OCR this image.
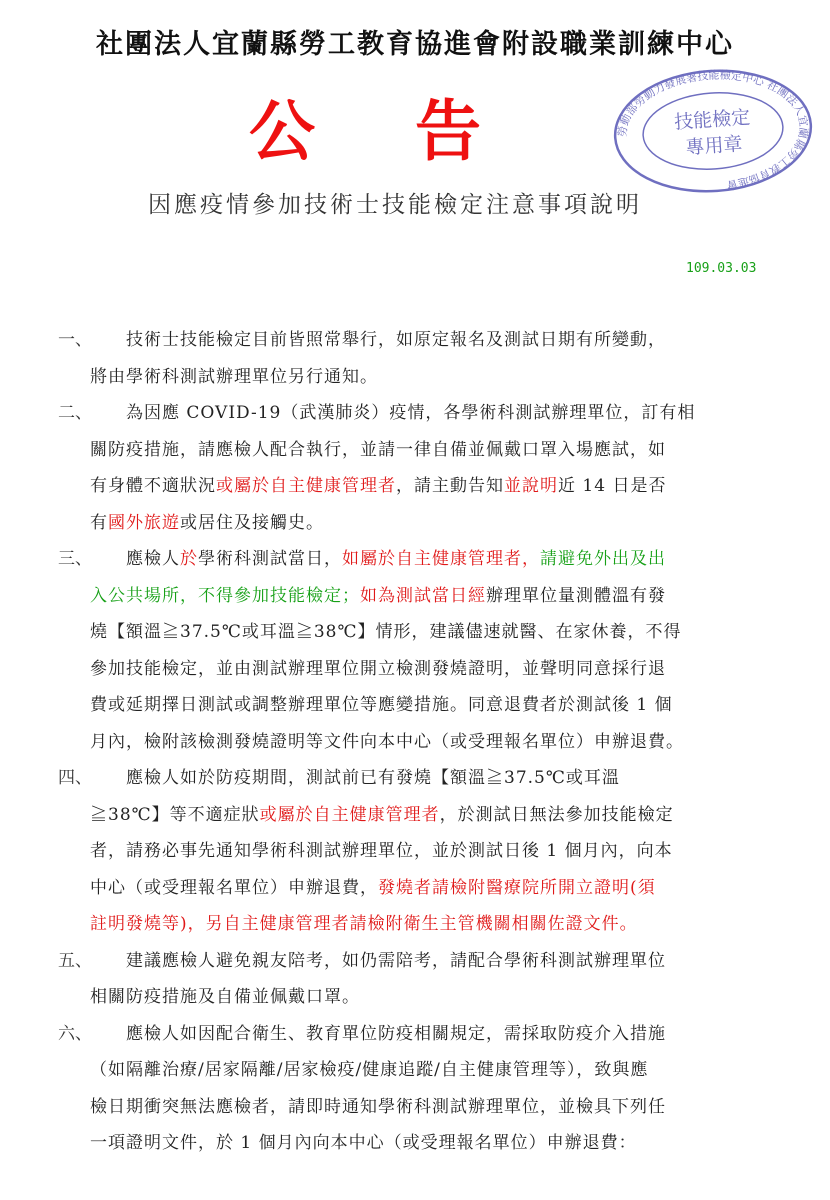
社團法人宜蘭縣勞工教育協進會附設職業訓練中心
公告	勞動部勞動力發展署技能檢定中心 社團法人宜蘭縣勞工教育協進會
技能檢定
專用章
因應疫情參加技術士技能檢定注意事項說明
109.03.03
一、	技術士技能檢定目前皆照常舉行，如原定報名及測試日期有所變動，
將由學術科測試辦理單位另行通知。
二、	為因應 COVID-19（武漢肺炎）疫情，各學術科測試辦理單位，訂有相
關防疫措施，請應檢人配合執行，並請一律自備並佩戴口罩入場應試，如
有身體不適狀況或屬於自主健康管理者，請主動告知並說明近 14 日是否
有國外旅遊或居住及接觸史。
三、	應檢人於學術科測試當日，如屬於自主健康管理者，請避免外出及出
入公共場所，不得參加技能檢定；如為測試當日經辦理單位量測體溫有發
燒【額溫≧37.5℃或耳溫≧38℃】情形，建議儘速就醫、在家休養，不得
參加技能檢定，並由測試辦理單位開立檢測發燒證明，並聲明同意採行退
費或延期擇日測試或調整辦理單位等應變措施。同意退費者於測試後 1 個
月內，檢附該檢測發燒證明等文件向本中心（或受理報名單位）申辦退費。
四、	應檢人如於防疫期間，測試前已有發燒【額溫≧37.5℃或耳溫
≧38℃】等不適症狀或屬於自主健康管理者，於測試日無法參加技能檢定
者，請務必事先通知學術科測試辦理單位，並於測試日後 1 個月內，向本
中心（或受理報名單位）申辦退費，發燒者請檢附醫療院所開立證明(須
註明發燒等)，另自主健康管理者請檢附衛生主管機關相關佐證文件。
五、	建議應檢人避免親友陪考，如仍需陪考，請配合學術科測試辦理單位
相關防疫措施及自備並佩戴口罩。
六、	應檢人如因配合衛生、教育單位防疫相關規定，需採取防疫介入措施
（如隔離治療/居家隔離/居家檢疫/健康追蹤/自主健康管理等），致與應
檢日期衝突無法應檢者，請即時通知學術科測試辦理單位，並檢具下列任
一項證明文件，於 1 個月內向本中心（或受理報名單位）申辦退費：
